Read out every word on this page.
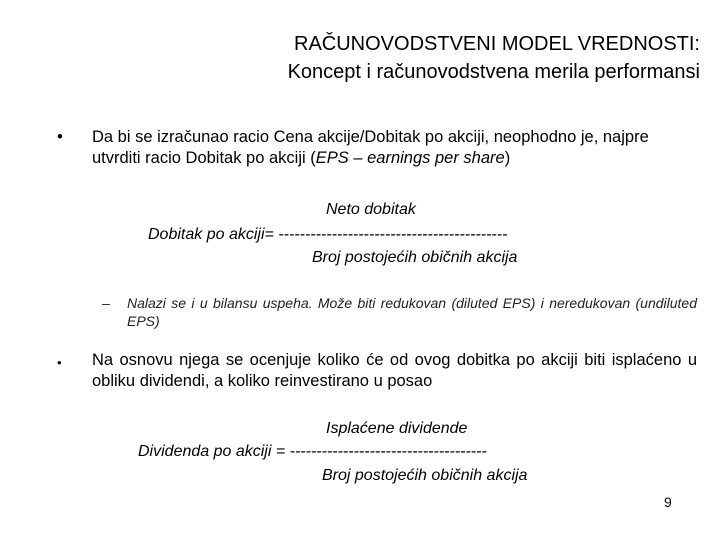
RAČUNOVODSTVENI MODEL VREDNOSTI:
Koncept i računovodstvena merila performansi
• Da bi se izračunao racio Cena akcije/Dobitak po akciji, neophodno je, najpre utvrditi racio Dobitak po akciji (EPS – earnings per share)
Neto dobitak
Dobitak po akciji= -------------------------------------------
Broj postojećih običnih akcija
– Nalazi se i u bilansu uspeha. Može biti redukovan (diluted EPS) i neredukovan (undiluted EPS)
• Na osnovu njega se ocenjuje koliko će od ovog dobitka po akciji biti isplaćeno u obliku dividendi, a koliko reinvestirano u posao
Isplaćene dividende
Dividenda po akciji = -------------------------------------
Broj postojećih običnih akcija
9
